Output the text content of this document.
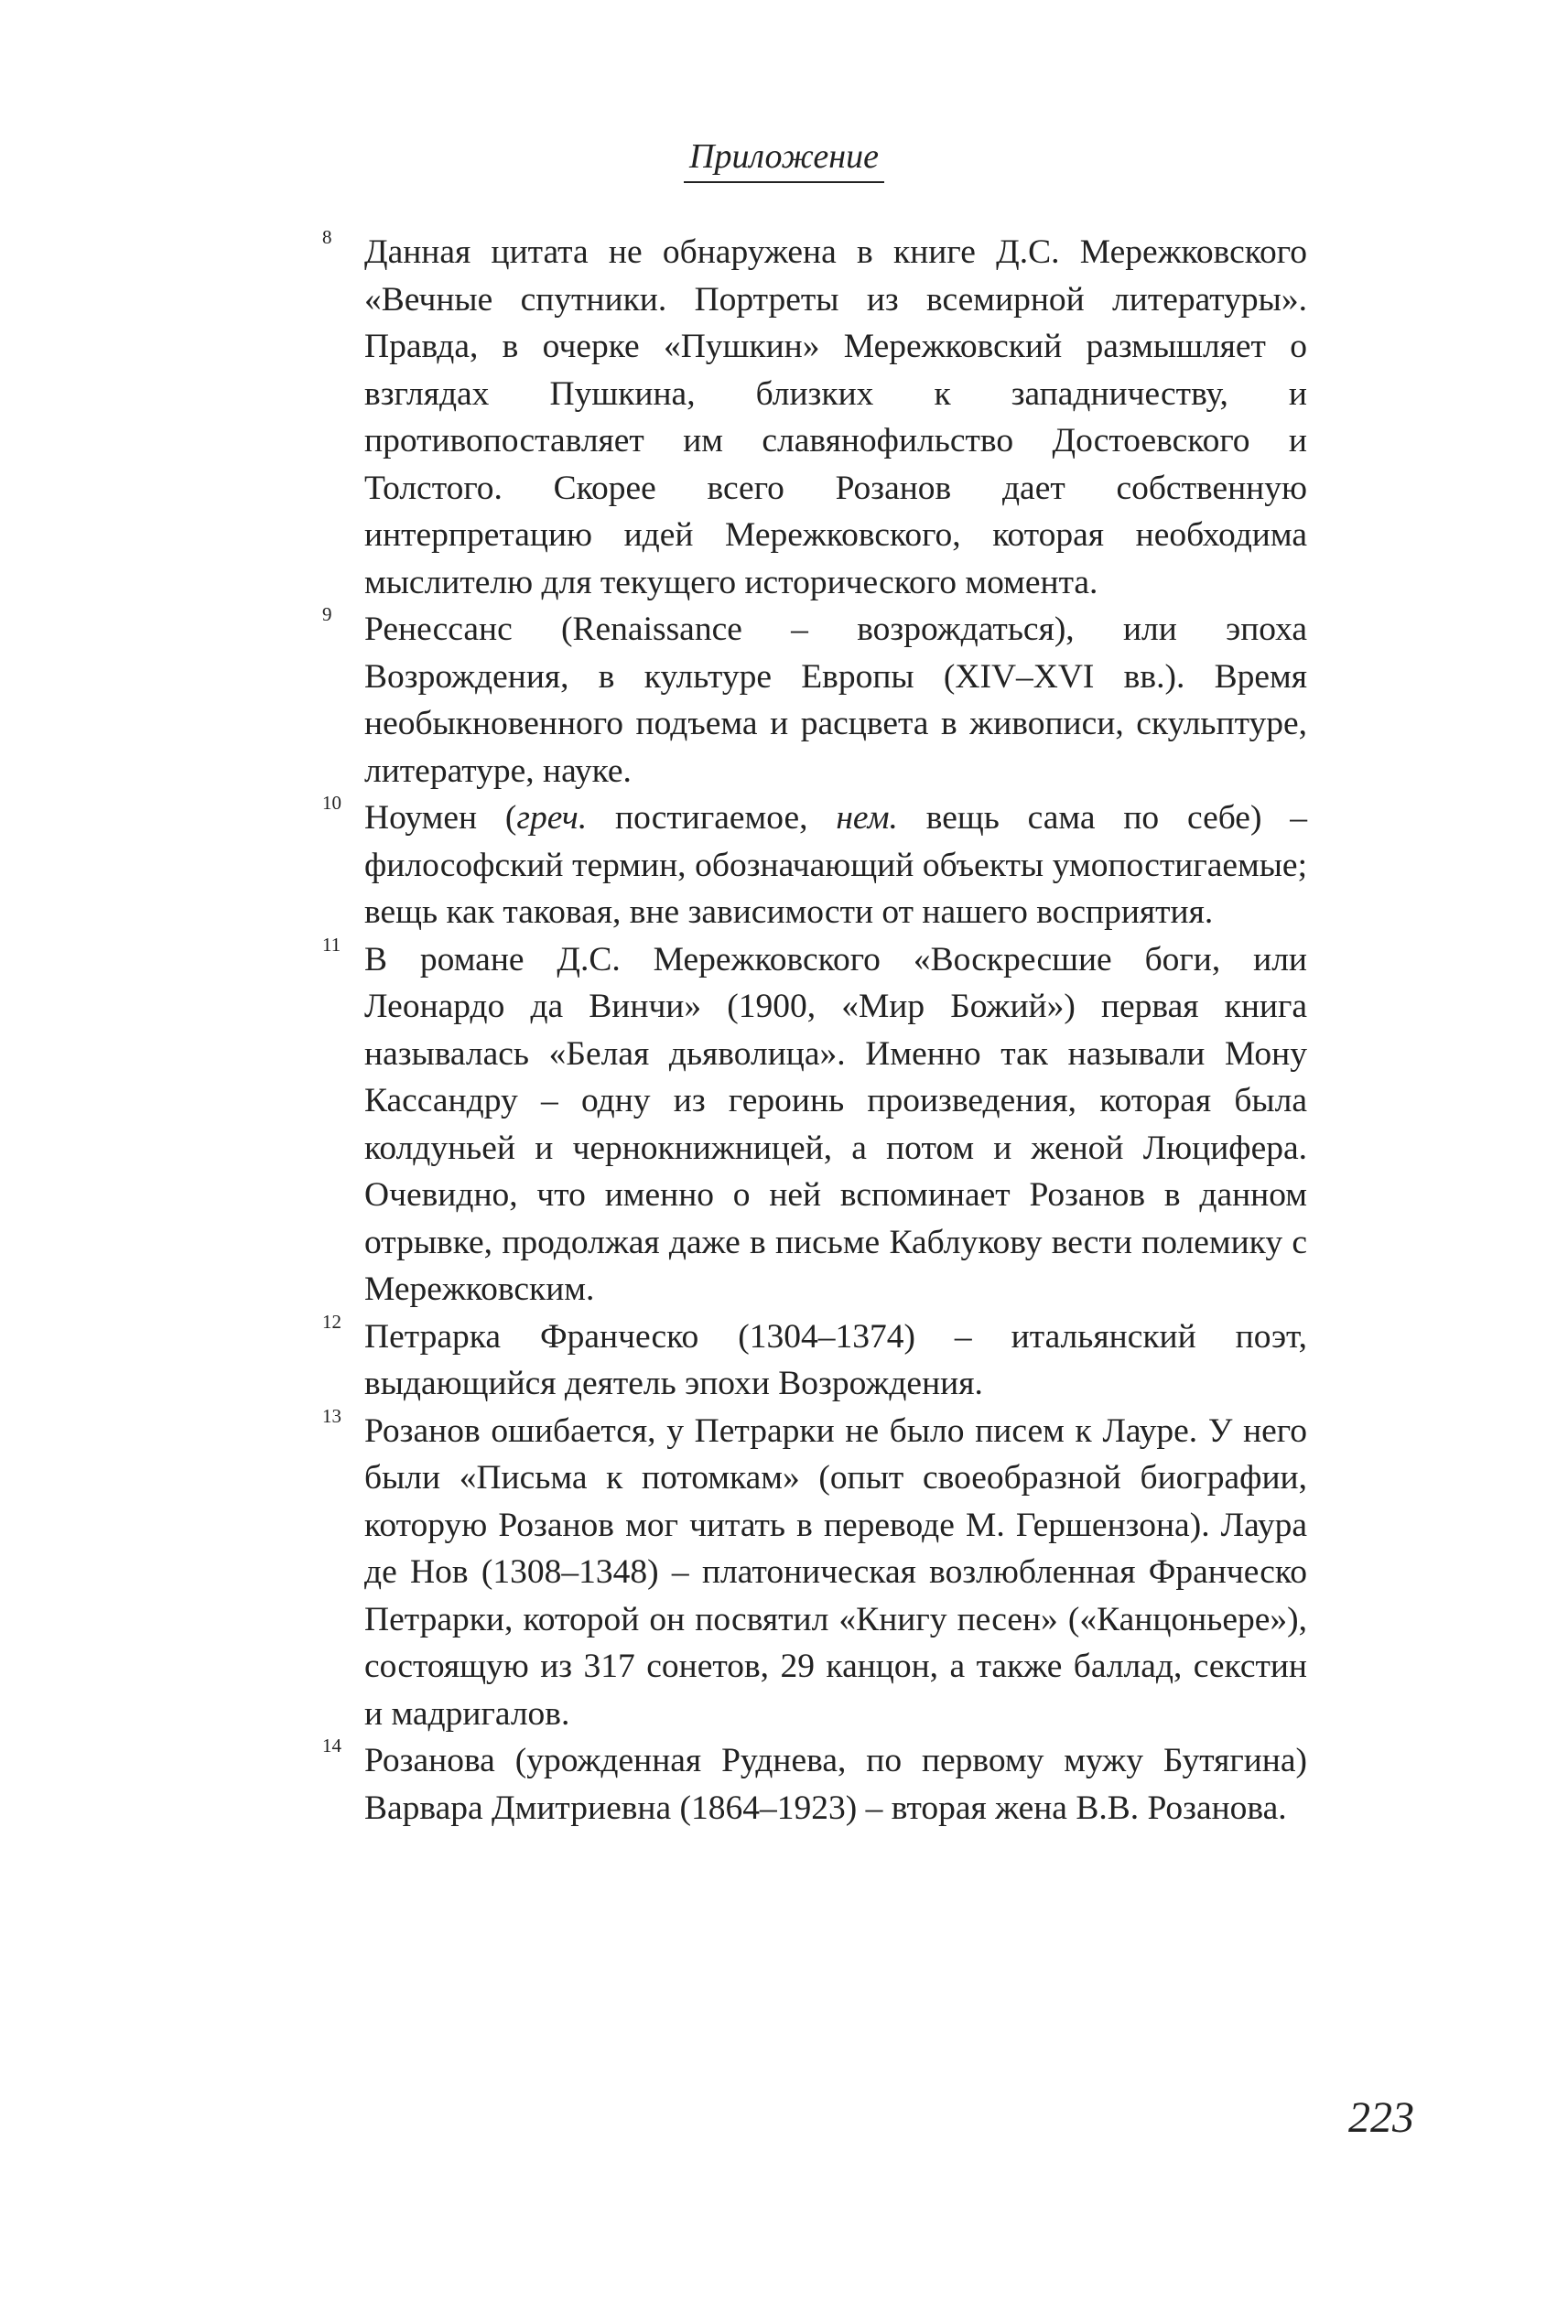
Приложение
8 Данная цитата не обнаружена в книге Д.С. Мережковского «Вечные спутники. Портреты из всемирной литературы». Правда, в очерке «Пушкин» Мережковский размышляет о взглядах Пушкина, близких к западничеству, и противопоставляет им славянофильство Достоевского и Толстого. Скорее всего Розанов дает собственную интерпретацию идей Мережковского, которая необходима мыслителю для текущего исторического момента.
9 Ренессанс (Renaissance – возрождаться), или эпоха Возрождения, в культуре Европы (XIV–XVI вв.). Время необыкновенного подъема и расцвета в живописи, скульптуре, литературе, науке.
10 Ноумен (греч. постигаемое, нем. вещь сама по себе) – философский термин, обозначающий объекты умопостигаемые; вещь как таковая, вне зависимости от нашего восприятия.
11 В романе Д.С. Мережковского «Воскресшие боги, или Леонардо да Винчи» (1900, «Мир Божий») первая книга называлась «Белая дьяволица». Именно так называли Мону Кассандру – одну из героинь произведения, которая была колдуньей и чернокнижницей, а потом и женой Люцифера. Очевидно, что именно о ней вспоминает Розанов в данном отрывке, продолжая даже в письме Каблукову вести полемику с Мережковским.
12 Петрарка Франческо (1304–1374) – итальянский поэт, выдающийся деятель эпохи Возрождения.
13 Розанов ошибается, у Петрарки не было писем к Лауре. У него были «Письма к потомкам» (опыт своеобразной биографии, которую Розанов мог читать в переводе М. Гершензона). Лаура де Нов (1308–1348) – платоническая возлюбленная Франческо Петрарки, которой он посвятил «Книгу песен» («Канцоньере»), состоящую из 317 сонетов, 29 канцон, а также баллад, секстин и мадригалов.
14 Розанова (урожденная Руднева, по первому мужу Бутягина) Варвара Дмитриевна (1864–1923) – вторая жена В.В. Розанова.
223
